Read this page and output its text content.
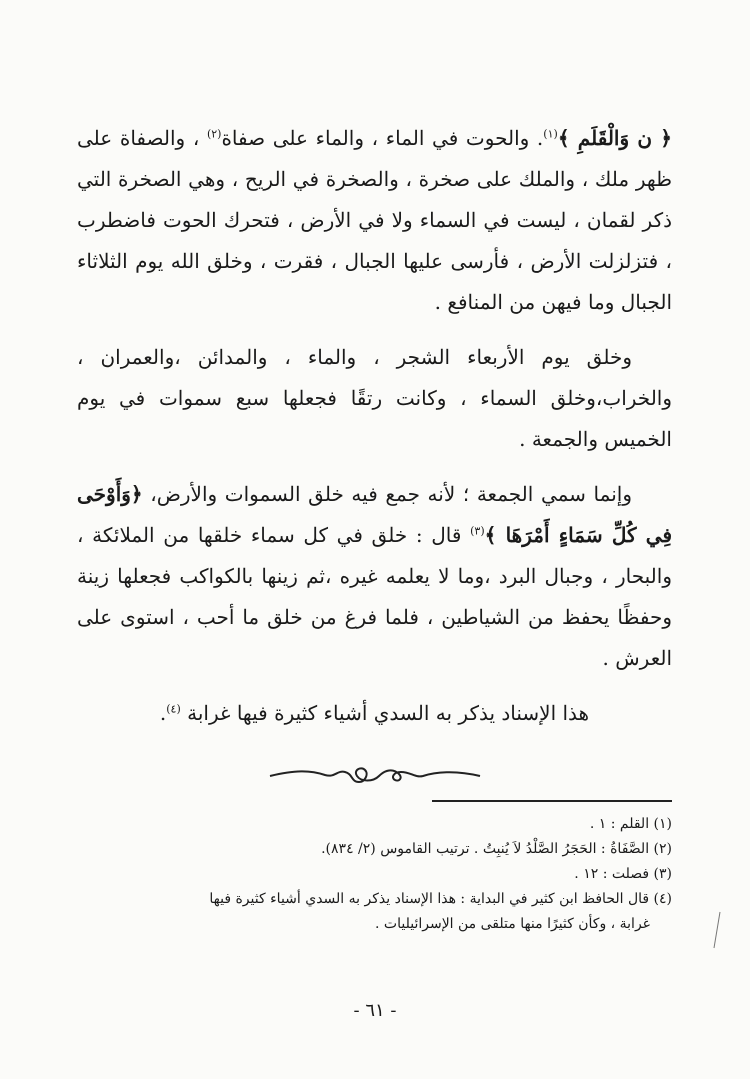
﴿ ن وَالْقَلَمِ ﴾$^{(١)}$. والحوت في الماء ، والماء على صفاة$^{(٢)}$ ، والصفاة على ظهر ملك ، والملك على صخرة ، والصخرة في الريح ، وهي الصخرة التي ذكر لقمان ، ليست في السماء ولا في الأرض ، فتحرك الحوت فاضطرب ، فتزلزلت الأرض ، فأرسى عليها الجبال ، فقرت ، وخلق الله يوم الثلاثاء الجبال وما فيهن من المنافع .

وخلق يوم الأربعاء الشجر ، والماء ، والمدائن ،والعمران ، والخراب،وخلق السماء ، وكانت رتقًا فجعلها سبع سموات في يوم الخميس والجمعة .

وإنما سمي الجمعة ؛ لأنه جمع فيه خلق السموات والأرض، ﴿وَأَوْحَى فِي كُلِّ سَمَاءٍ أَمْرَهَا ﴾$^{(٣)}$ قال : خلق في كل سماء خلقها من الملائكة ، والبحار ، وجبال البرد ،وما لا يعلمه غيره ،ثم زينها بالكواكب فجعلها زينة وحفظًا يحفظ من الشياطين ، فلما فرغ من خلق ما أحب ، استوى على العرش .

هذا الإسناد يذكر به السدي أشياء كثيرة فيها غرابة $^{(٤)}$.

(١) القلم : ١ .

(٢) الصَّفَاةُ : الحَجَرُ الصَّلْدُ لاَ يُنبِتُ . ترتيب القاموس (٢/ ٨٣٤).

(٣) فصلت : ١٢ .

(٤) قال الحافظ ابن كثير في البداية : هذا الإسناد يذكر به السدي أشياء كثيرة فيها

غرابة ، وكأن كثيرًا منها متلقى من الإسرائيليات .

- ٦١ -
